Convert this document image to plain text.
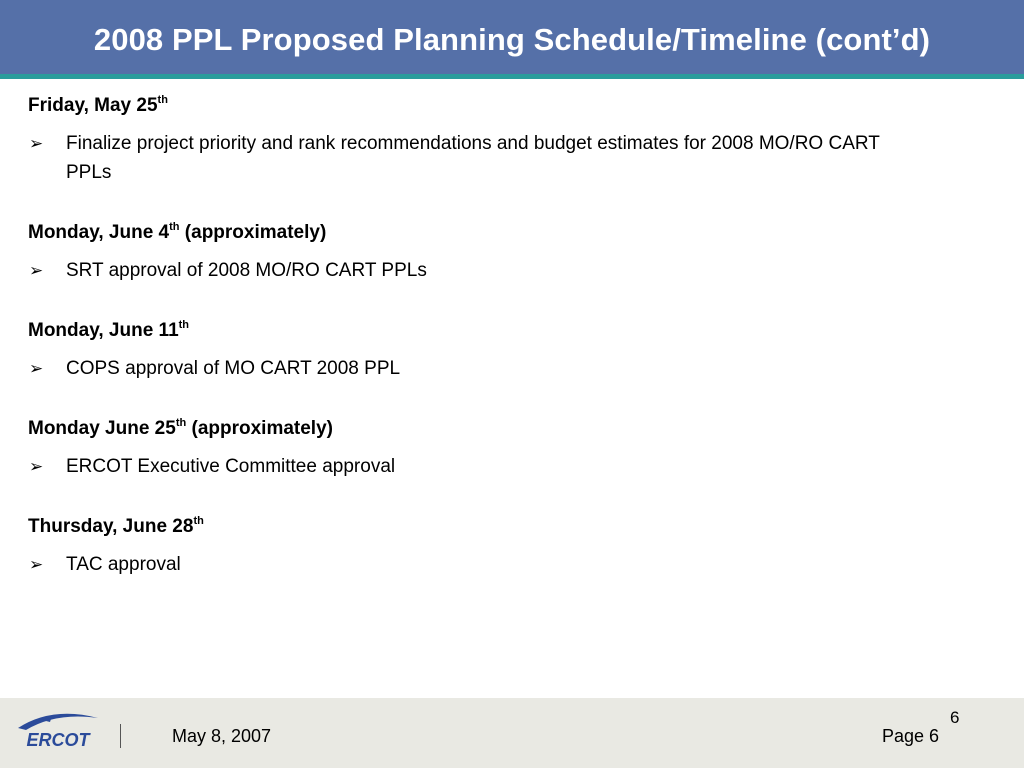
2008 PPL Proposed Planning Schedule/Timeline (cont’d)
Friday, May 25th
➢ Finalize project priority and rank recommendations and budget estimates for 2008 MO/RO CART PPLs
Monday, June 4th (approximately)
➢ SRT approval of 2008 MO/RO CART PPLs
Monday, June 11th
➢ COPS approval of MO CART 2008 PPL
Monday June 25th (approximately)
➢ ERCOT Executive Committee approval
Thursday, June 28th
➢ TAC approval
ERCOT	May 8, 2007	Page 6
6
